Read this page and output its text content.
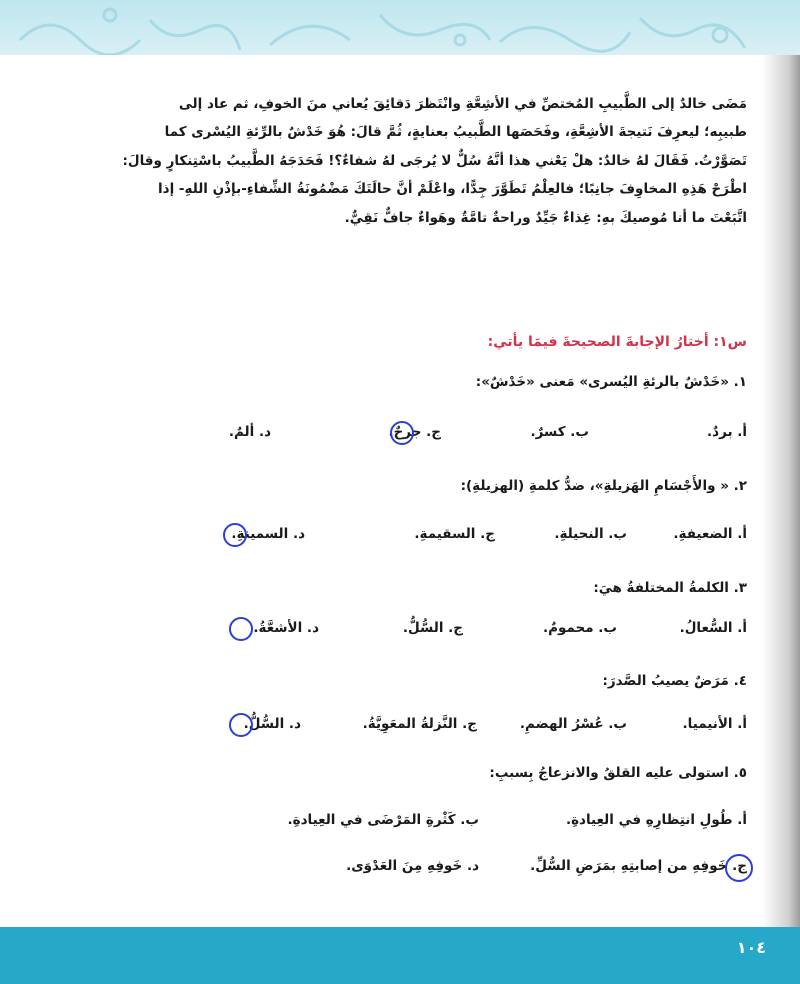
مَضَى خالدٌ إلى الطَّبيبِ المُختصِّ في الأشِعَّةِ وانْتَظرَ دَقائِقَ يُعاني منَ الخوفِ، ثم عاد إلى
طبيبِه؛ ليعرِفَ نَتيجةَ الأشِعَّةِ، وفَحَصَها الطَّبيبُ بعنايةٍ، ثُمَّ قالَ: هُوَ خَدْشٌ بالرِّئةِ اليُسْرى كما
تَصَوَّرْتُ. فَقَالَ لهُ خالدٌ: هلْ يَعْني هذا أنَّهُ سُلٌّ لا يُرجَى لهُ شفاءٌ؟! فَحَدَجَهُ الطَّبيبُ باسْتِنكارٍ وقالَ:
اطْرَحْ هَذِهِ المخاوِفَ جانِبًا؛ فالعِلْمُ تَطَوَّرَ جِدًّا، واعْلَمْ أنَّ حالَتَكَ مَضْمُونَةُ الشِّفاءِ-بإذْنِ اللهِ- إذا
اتَّبَعْتَ ما أنا مُوصيكَ بهِ: غِذاءٌ جَيِّدٌ وراحةٌ تامَّةٌ وهَواءٌ جافٌّ نَقِيٌّ.

س١: أختارُ الإجابةَ الصحيحةَ فيمَا يأتي:
١. «خَدْشٌ بالرئةِ اليُسرى» مَعنى «خَدْشٌ»:
أ. بردٌ.
ب. كسرٌ.
ج. جرحٌ.
د. ألمٌ.
٢. « والأَجْسَامِ الهَزيلةِ»، ضدُّ كلمةِ (الهزيلةِ):
أ. الضعيفةِ.
ب. النحيلةِ.
ج. السقيمةِ.
د. السمينةِ.
٣. الكلمةُ المختلفةُ هيَ:
أ. السُّعالُ.
ب. محمومٌ.
ج. السُّلُّ.
د. الأشعَّةُ.
٤. مَرَضٌ يصيبُ الصَّدرَ:
أ. الأنيميا.
ب. عُسْرُ الهضمِ.
ج. النَّزلةُ المعَوِيَّةُ.
د. السُّلُّ.
٥. استولى عليه القلقُ والانزعاجُ بِسببِ:
أ. طُولِ انتِظارِهِ في العِيادةِ.
ب. كَثْرةِ المَرْضَى في العِيادةِ.
ج. خَوفِهِ من إصابتِهِ بمَرَضِ السُّلِّ.
د. خَوفِهِ مِنَ العَدْوَى.
١٠٤
